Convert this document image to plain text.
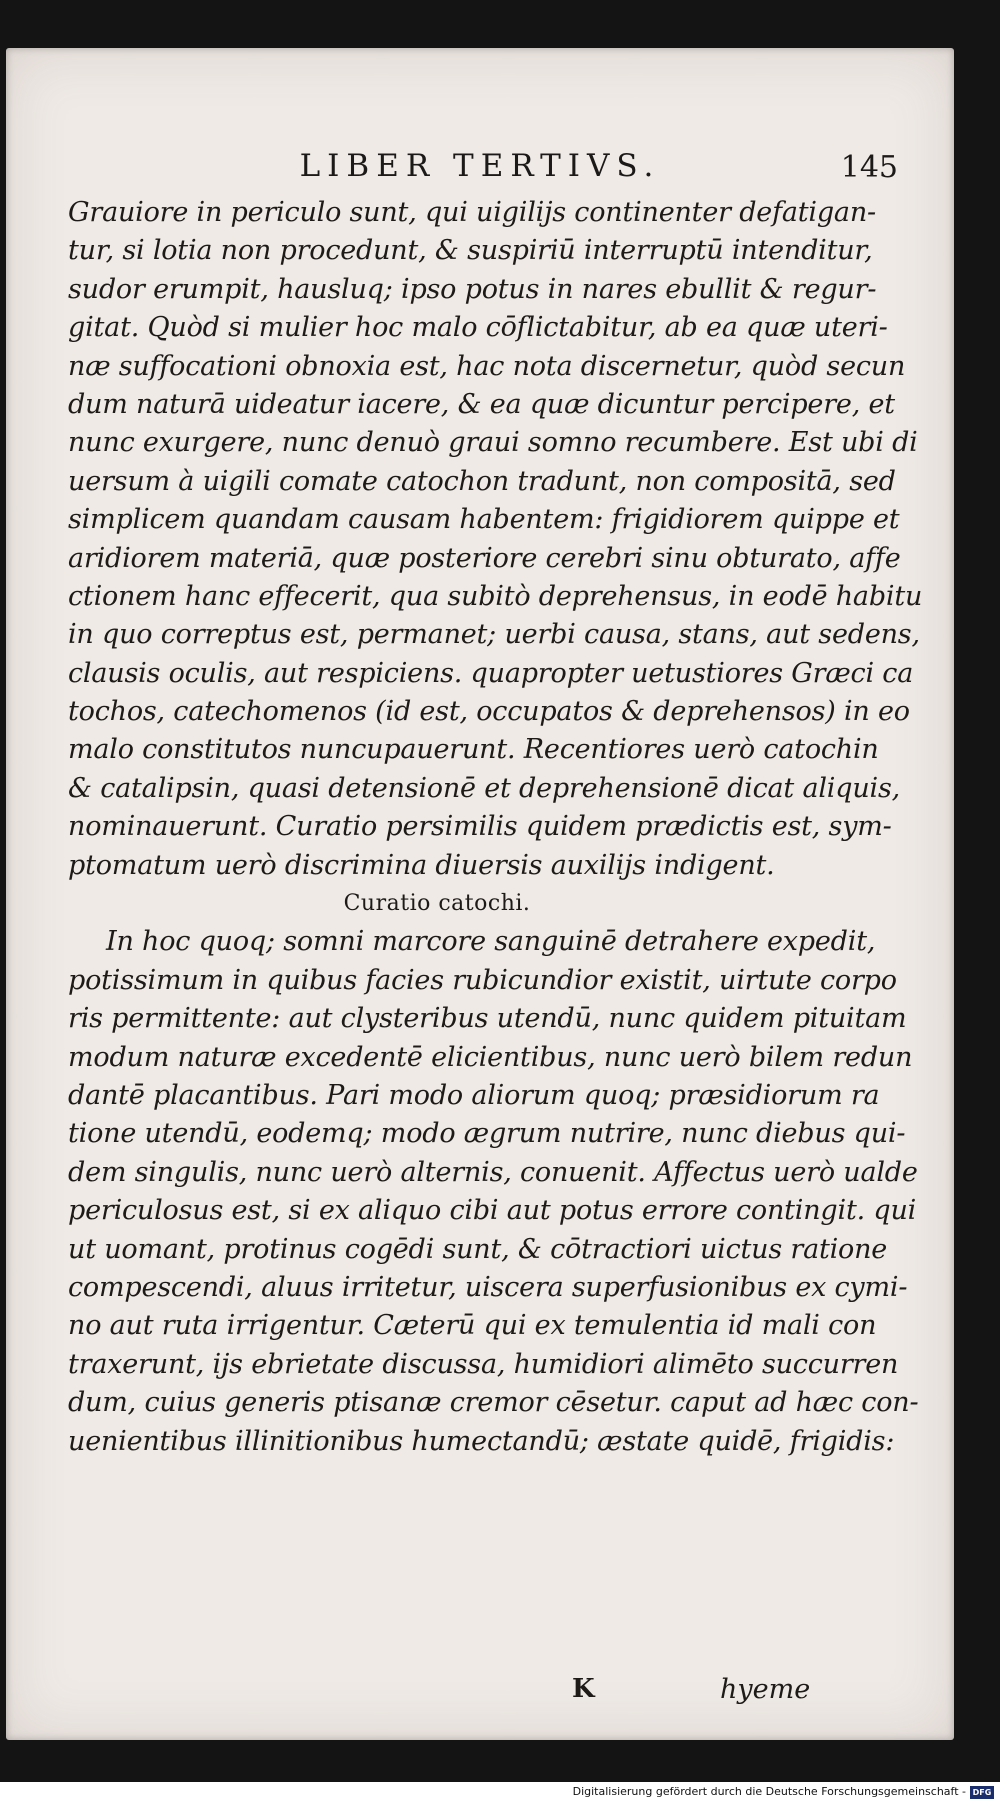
LIBER TERTIVS.	145
Grauiore in periculo sunt, qui uigilijs continenter defatigan-
tur, si lotia non procedunt, & suspiriū interruptū intenditur,
sudor erumpit, hausluq; ipso potus in nares ebullit & regur-
gitat. Quòd si mulier hoc malo cōflictabitur, ab ea quæ uteri-
næ suffocationi obnoxia est, hac nota discernetur, quòd secun
dum naturā uideatur iacere, & ea quæ dicuntur percipere, et
nunc exurgere, nunc denuò graui somno recumbere. Est ubi di
uersum à uigili comate catochon tradunt, non compositā, sed
simplicem quandam causam habentem: frigidiorem quippe et
aridiorem materiā, quæ posteriore cerebri sinu obturato, affe
ctionem hanc effecerit, qua subitò deprehensus, in eodē habitu
in quo correptus est, permanet; uerbi causa, stans, aut sedens,
clausis oculis, aut respiciens. quapropter uetustiores Græci ca
tochos, catechomenos (id est, occupatos & deprehensos) in eo
malo constitutos nuncupauerunt. Recentiores uerò catochin
& catalipsin, quasi detensionē et deprehensionē dicat aliquis,
nominauerunt. Curatio persimilis quidem prædictis est, sym-
ptomatum uerò discrimina diuersis auxilijs indigent.
Curatio catochi.
In hoc quoq; somni marcore sanguinē detrahere expedit,
potissimum in quibus facies rubicundior existit, uirtute corpo
ris permittente: aut clysteribus utendū, nunc quidem pituitam
modum naturæ excedentē elicientibus, nunc uerò bilem redun
dantē placantibus. Pari modo aliorum quoq; præsidiorum ra
tione utendū, eodemq; modo ægrum nutrire, nunc diebus qui-
dem singulis, nunc uerò alternis, conuenit. Affectus uerò ualde
periculosus est, si ex aliquo cibi aut potus errore contingit. qui
ut uomant, protinus cogēdi sunt, & cōtractiori uictus ratione
compescendi, aluus irritetur, uiscera superfusionibus ex cymi-
no aut ruta irrigentur. Cæterū qui ex temulentia id mali con
traxerunt, ijs ebrietate discussa, humidiori alimēto succurren
dum, cuius generis ptisanæ cremor cēsetur. caput ad hæc con-
uenientibus illinitionibus humectandū; æstate quidē, frigidis:
K	hyeme
Digitalisierung gefördert durch die Deutsche Forschungsgemeinschaft - DFG
